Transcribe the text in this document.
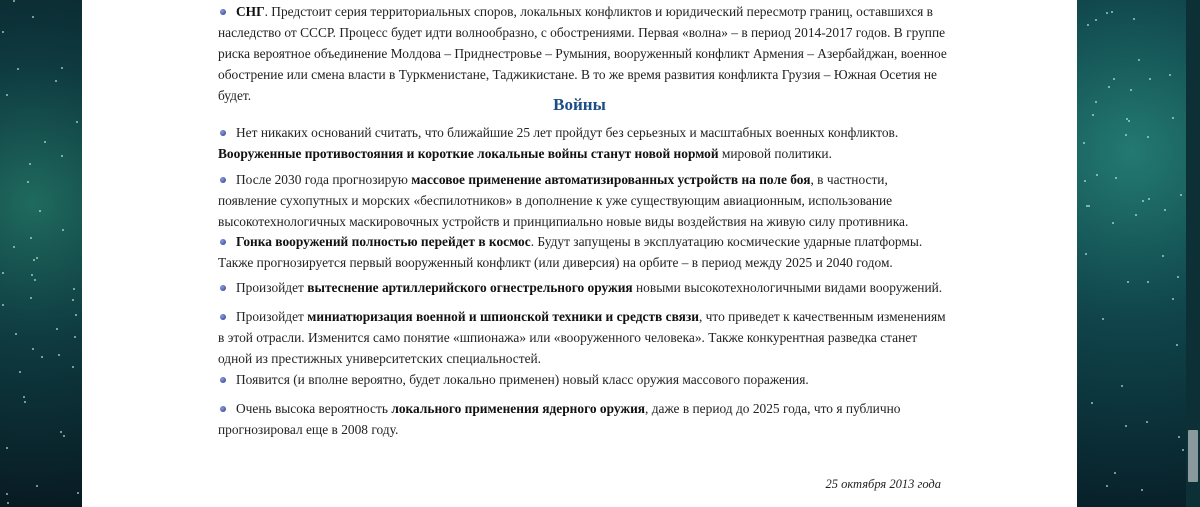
СНГ. Предстоит серия территориальных споров, локальных конфликтов и юридический пересмотр границ, оставшихся в наследство от СССР. Процесс будет идти волнообразно, с обострениями. Первая «волна» – в период 2014-2017 годов. В группе риска вероятное объединение Молдова – Приднестровье – Румыния, вооруженный конфликт Армения – Азербайджан, военное обострение или смена власти в Туркменистане, Таджикистане. В то же время развития конфликта Грузия – Южная Осетия не будет.	Войны
Нет никаких оснований считать, что ближайшие 25 лет пройдут без серьезных и масштабных военных конфликтов. Вооруженные противостояния и короткие локальные войны станут новой нормой мировой политики.
После 2030 года прогнозирую массовое применение автоматизированных устройств на поле боя, в частности, появление сухопутных и морских «беспилотников» в дополнение к уже существующим авиационным, использование высокотехнологичных маскировочных устройств и принципиально новые виды воздействия на живую силу противника.
Гонка вооружений полностью перейдет в космос. Будут запущены в эксплуатацию космические ударные платформы. Также прогнозируется первый вооруженный конфликт (или диверсия) на орбите – в период между 2025 и 2040 годом.
Произойдет вытеснение артиллерийского огнестрельного оружия новыми высокотехнологичными видами вооружений.
Произойдет миниатюризация военной и шпионской техники и средств связи, что приведет к качественным изменениям в этой отрасли. Изменится само понятие «шпионажа» или «вооруженного человека». Также конкурентная разведка станет одной из престижных университетских специальностей.
Появится (и вполне вероятно, будет локально применен) новый класс оружия массового поражения.
Очень высока вероятность локального применения ядерного оружия, даже в период до 2025 года, что я публично прогнозировал еще в 2008 году.
25 октября 2013 года
